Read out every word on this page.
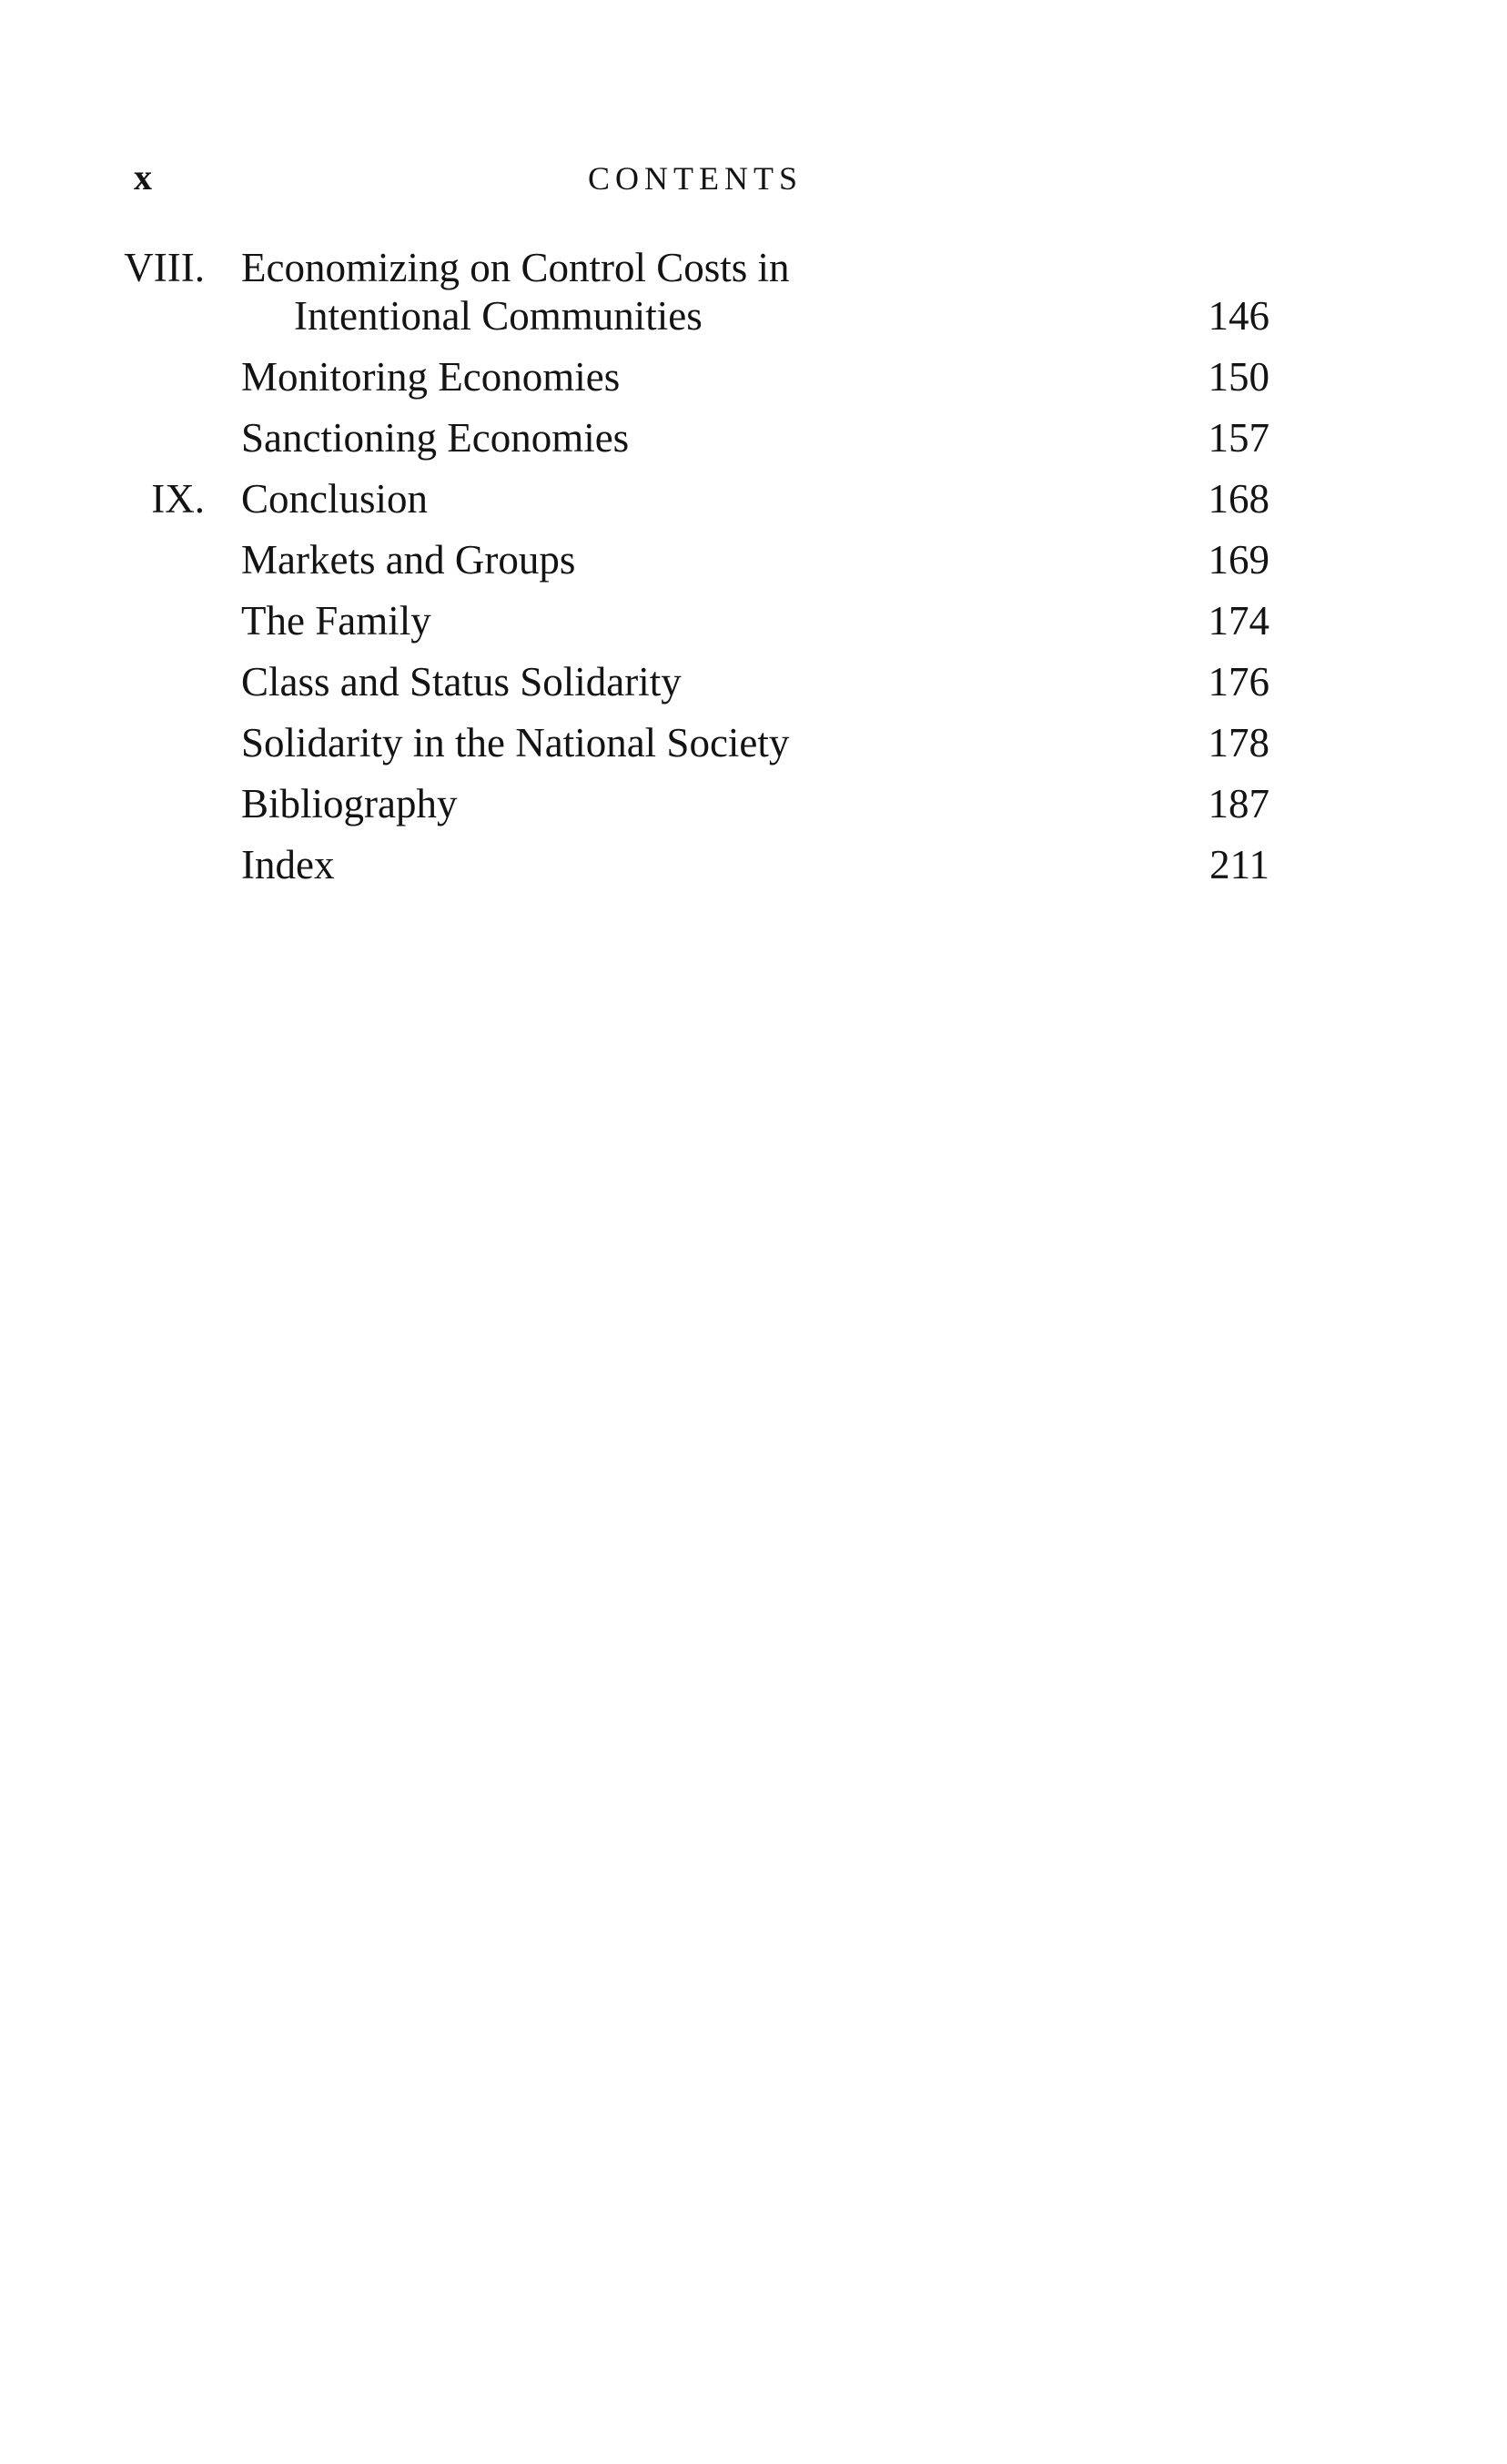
x	CONTENTS
VIII. Economizing on Control Costs in
Intentional Communities	146
Monitoring Economies	150
Sanctioning Economies	157
IX. Conclusion	168
Markets and Groups	169
The Family	174
Class and Status Solidarity	176
Solidarity in the National Society	178
Bibliography	187
Index	211
